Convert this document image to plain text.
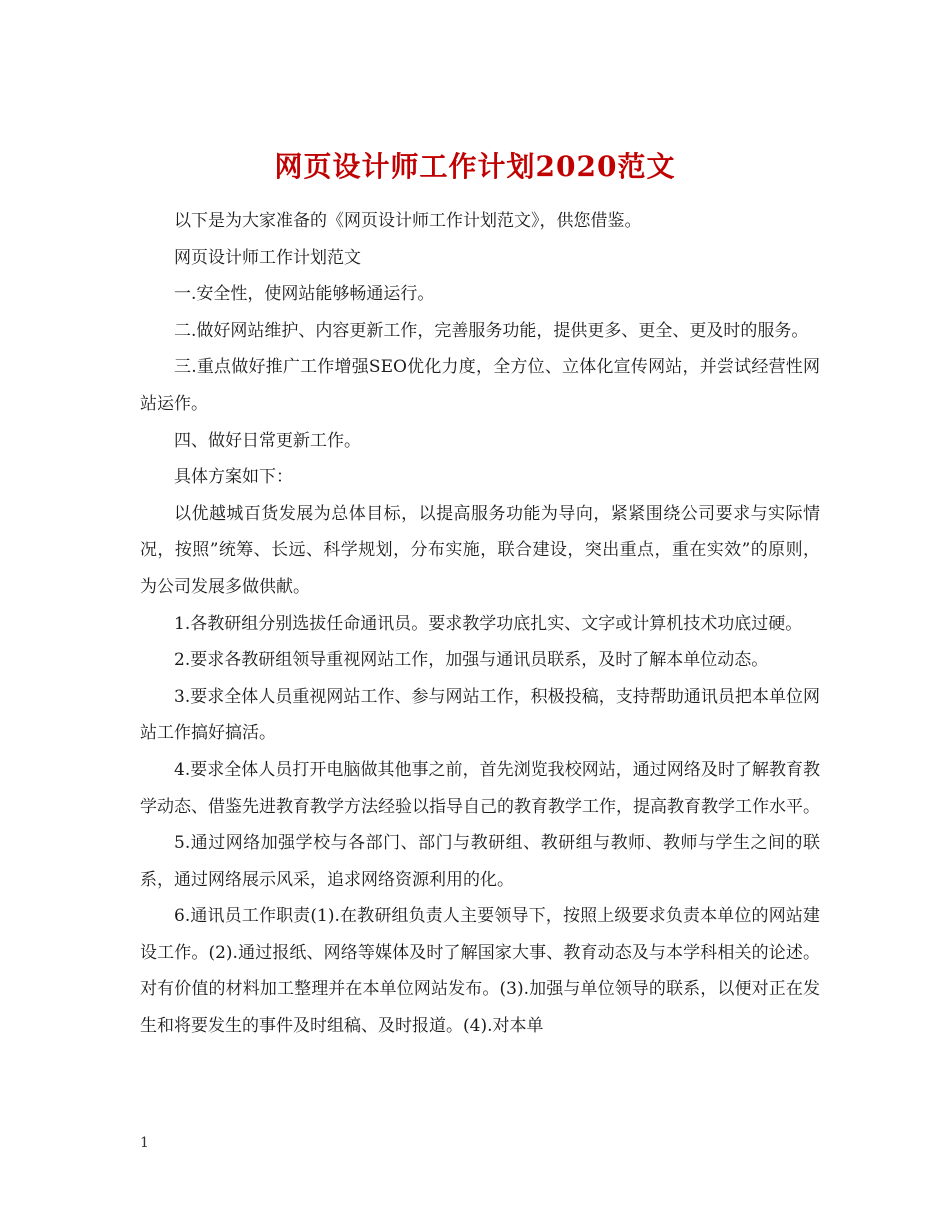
网页设计师工作计划2020范文

以下是为大家准备的《网页设计师工作计划范文》，供您借鉴。

网页设计师工作计划范文

一.安全性，使网站能够畅通运行。

二.做好网站维护、内容更新工作，完善服务功能，提供更多、更全、更及时的服务。

三.重点做好推广工作增强SEO优化力度，全方位、立体化宣传网站，并尝试经营性网站运作。

四、做好日常更新工作。

具体方案如下：

以优越城百货发展为总体目标，以提高服务功能为导向，紧紧围绕公司要求与实际情况，按照”统筹、长远、科学规划，分布实施，联合建设，突出重点，重在实效”的原则，为公司发展多做供献。

1.各教研组分别选拔任命通讯员。要求教学功底扎实、文字或计算机技术功底过硬。

2.要求各教研组领导重视网站工作，加强与通讯员联系，及时了解本单位动态。

3.要求全体人员重视网站工作、参与网站工作，积极投稿，支持帮助通讯员把本单位网站工作搞好搞活。

4.要求全体人员打开电脑做其他事之前，首先浏览我校网站，通过网络及时了解教育教学动态、借鉴先进教育教学方法经验以指导自己的教育教学工作，提高教育教学工作水平。

5.通过网络加强学校与各部门、部门与教研组、教研组与教师、教师与学生之间的联系，通过网络展示风采，追求网络资源利用的化。

6.通讯员工作职责(1).在教研组负责人主要领导下，按照上级要求负责本单位的网站建设工作。(2).通过报纸、网络等媒体及时了解国家大事、教育动态及与本学科相关的论述。对有价值的材料加工整理并在本单位网站发布。(3).加强与单位领导的联系，以便对正在发生和将要发生的事件及时组稿、及时报道。(4).对本单

1
